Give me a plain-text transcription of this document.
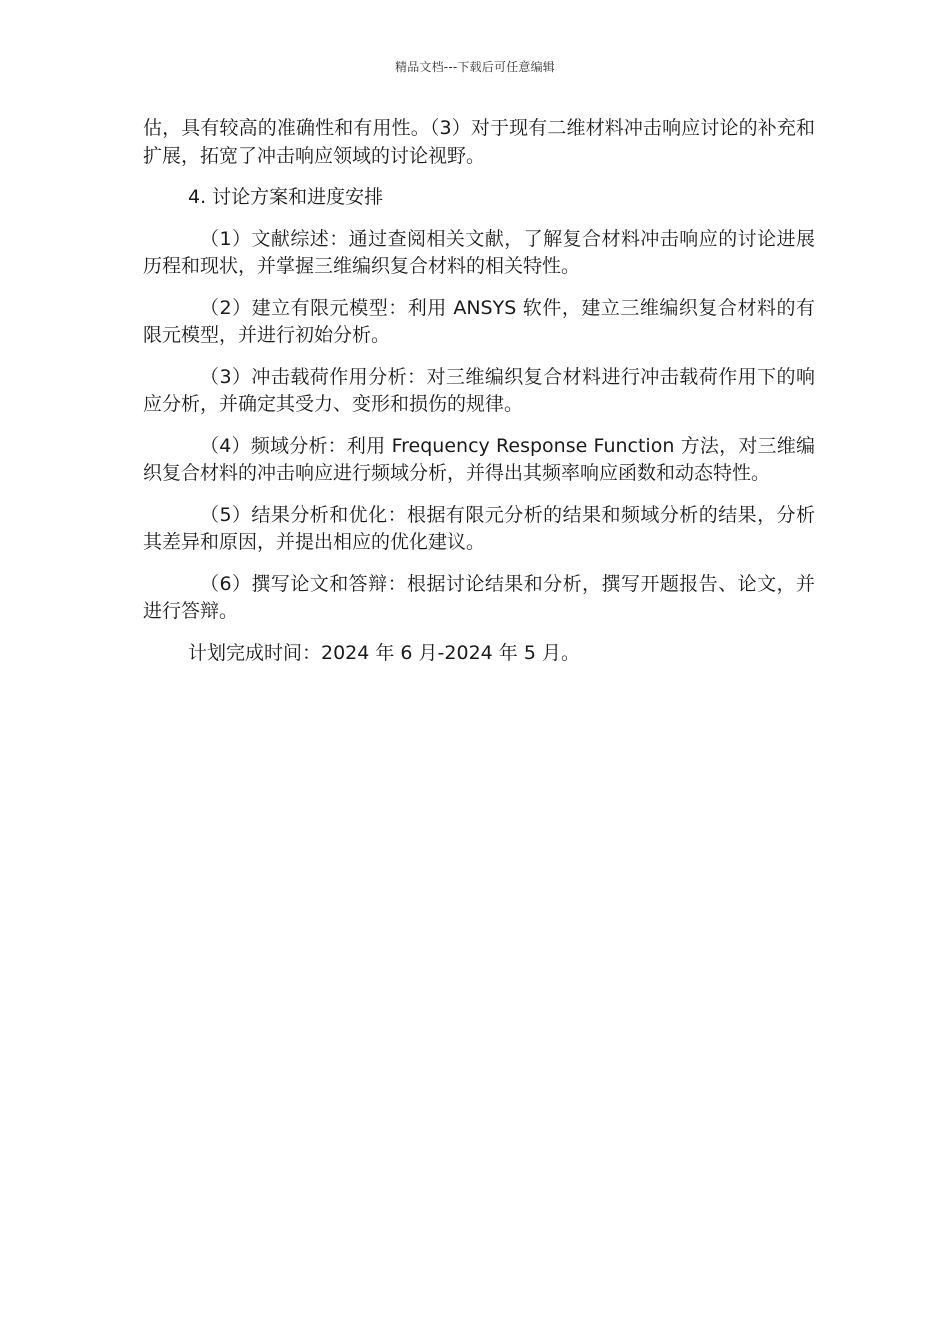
精品文档---下载后可任意编辑

估，具有较高的准确性和有用性。（3）对于现有二维材料冲击响应讨论的补充和扩展，拓宽了冲击响应领域的讨论视野。

4. 讨论方案和进度安排

（1）文献综述：通过查阅相关文献，了解复合材料冲击响应的讨论进展历程和现状，并掌握三维编织复合材料的相关特性。

（2）建立有限元模型：利用 ANSYS 软件，建立三维编织复合材料的有限元模型，并进行初始分析。

（3）冲击载荷作用分析：对三维编织复合材料进行冲击载荷作用下的响应分析，并确定其受力、变形和损伤的规律。

（4）频域分析：利用 Frequency Response Function 方法，对三维编织复合材料的冲击响应进行频域分析，并得出其频率响应函数和动态特性。

（5）结果分析和优化：根据有限元分析的结果和频域分析的结果，分析其差异和原因，并提出相应的优化建议。

（6）撰写论文和答辩：根据讨论结果和分析，撰写开题报告、论文，并进行答辩。

计划完成时间：2024 年 6 月-2024 年 5 月。
